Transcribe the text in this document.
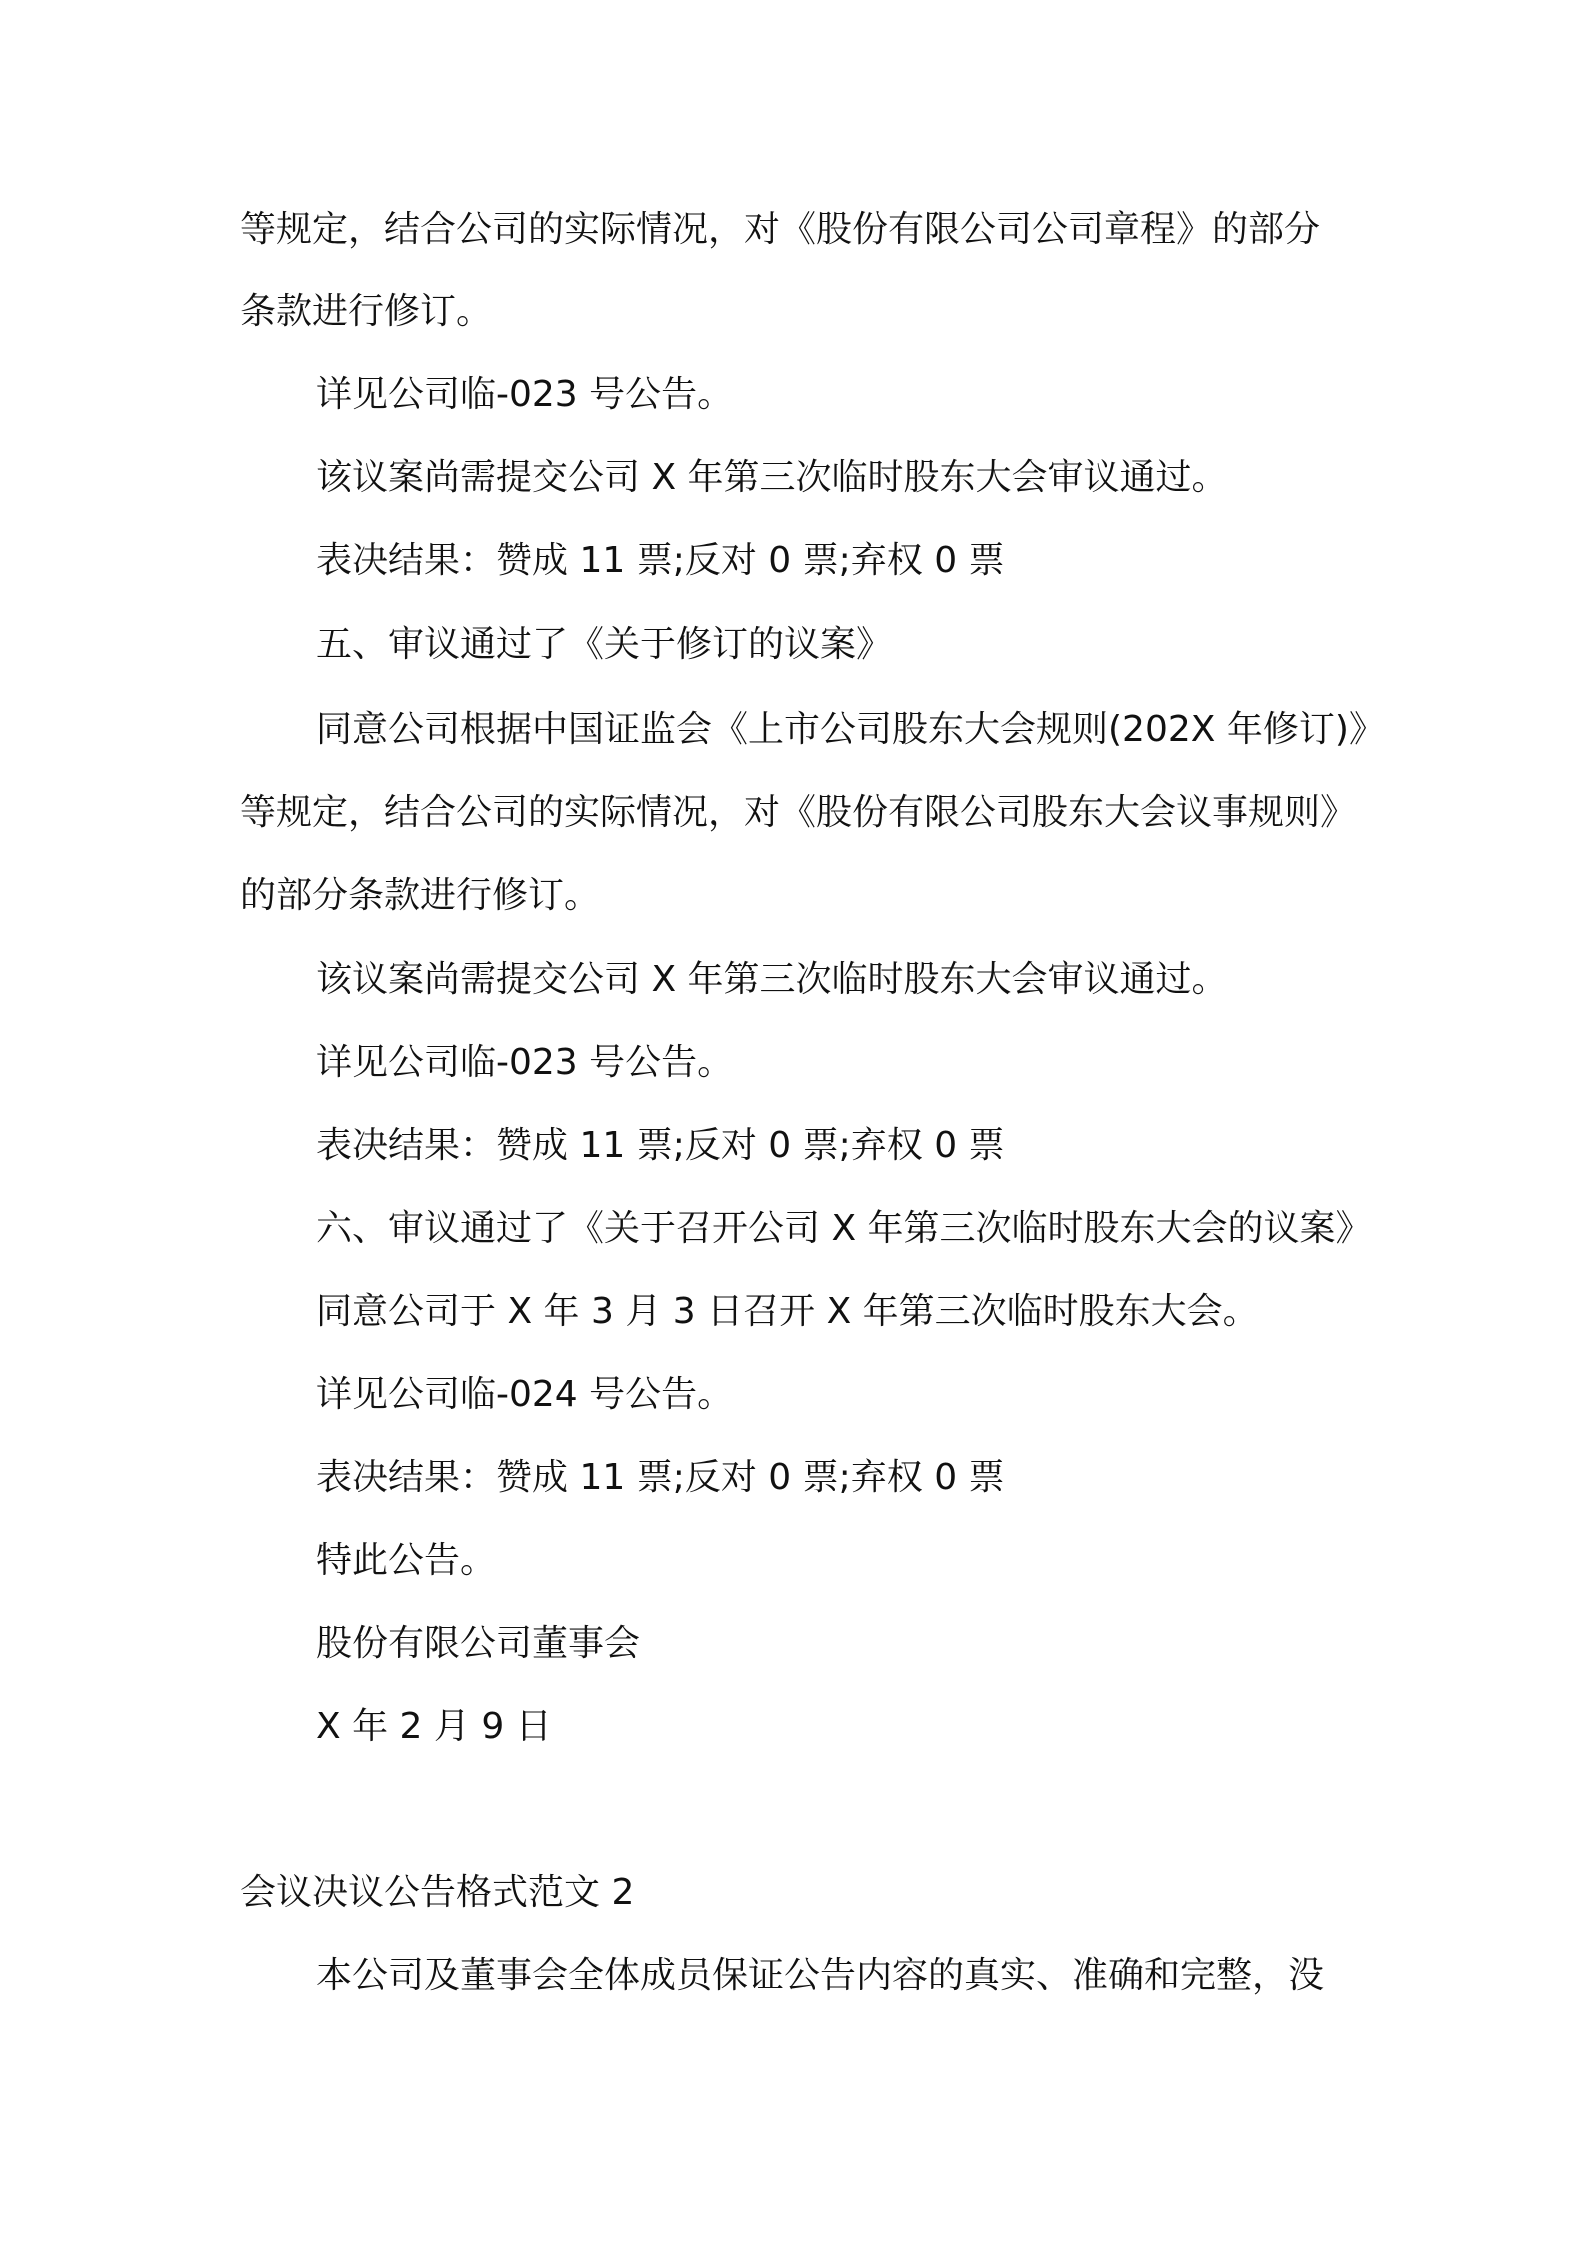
等规定，结合公司的实际情况，对《股份有限公司公司章程》的部分
条款进行修订。
详见公司临-023 号公告。
该议案尚需提交公司 X 年第三次临时股东大会审议通过。
表决结果：赞成 11 票;反对 0 票;弃权 0 票
五、审议通过了《关于修订的议案》
同意公司根据中国证监会《上市公司股东大会规则(202X 年修订)》
等规定，结合公司的实际情况，对《股份有限公司股东大会议事规则》
的部分条款进行修订。
该议案尚需提交公司 X 年第三次临时股东大会审议通过。
详见公司临-023 号公告。
表决结果：赞成 11 票;反对 0 票;弃权 0 票
六、审议通过了《关于召开公司 X 年第三次临时股东大会的议案》
同意公司于 X 年 3 月 3 日召开 X 年第三次临时股东大会。
详见公司临-024 号公告。
表决结果：赞成 11 票;反对 0 票;弃权 0 票
特此公告。
股份有限公司董事会
X 年 2 月 9 日
会议决议公告格式范文 2
本公司及董事会全体成员保证公告内容的真实、准确和完整，没
